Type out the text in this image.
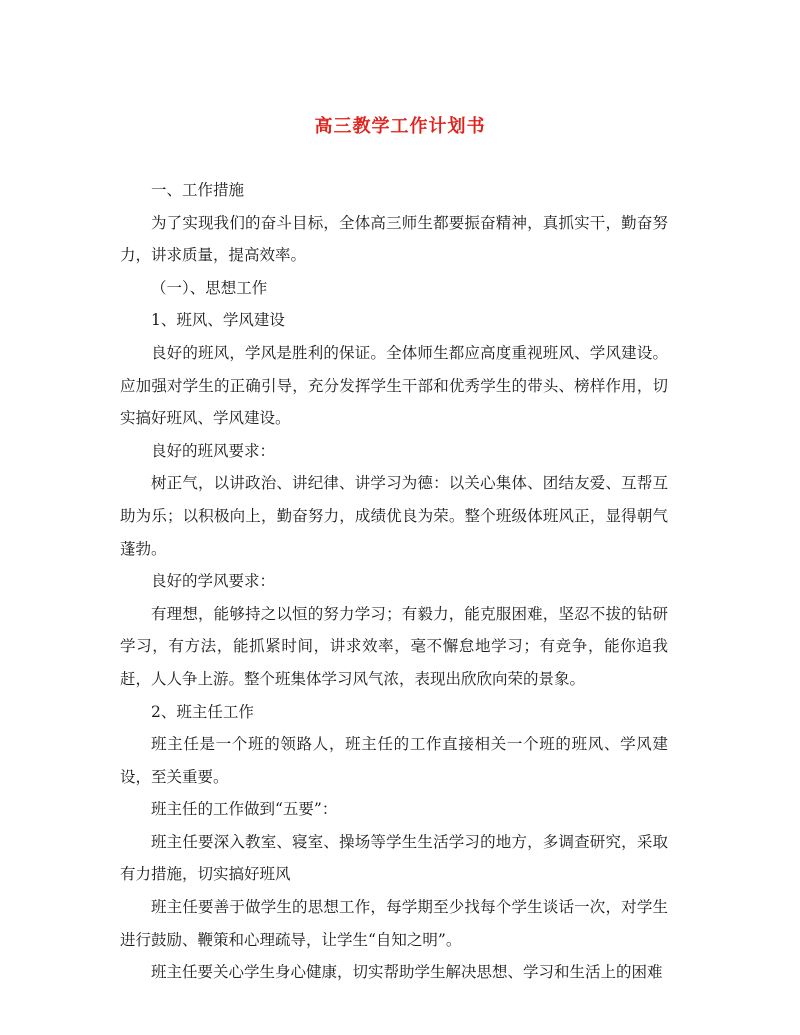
高三教学工作计划书

一、工作措施

为了实现我们的奋斗目标，全体高三师生都要振奋精神，真抓实干，勤奋努力，讲求质量，提高效率。

（一）、思想工作

1、班风、学风建设

良好的班风，学风是胜利的保证。全体师生都应高度重视班风、学风建设。应加强对学生的正确引导，充分发挥学生干部和优秀学生的带头、榜样作用，切实搞好班风、学风建设。

良好的班风要求：

树正气，以讲政治、讲纪律、讲学习为德：以关心集体、团结友爱、互帮互助为乐；以积极向上，勤奋努力，成绩优良为荣。整个班级体班风正，显得朝气蓬勃。

良好的学风要求：

有理想，能够持之以恒的努力学习；有毅力，能克服困难，坚忍不拔的钻研学习，有方法，能抓紧时间，讲求效率，毫不懈怠地学习；有竞争，能你追我赶，人人争上游。整个班集体学习风气浓，表现出欣欣向荣的景象。

2、班主任工作

班主任是一个班的领路人，班主任的工作直接相关一个班的班风、学风建设，至关重要。

班主任的工作做到“五要”：

班主任要深入教室、寝室、操场等学生生活学习的地方，多调查研究，采取有力措施，切实搞好班风

班主任要善于做学生的思想工作，每学期至少找每个学生谈话一次，对学生进行鼓励、鞭策和心理疏导，让学生“自知之明”。

班主任要关心学生身心健康，切实帮助学生解决思想、学习和生活上的困难
